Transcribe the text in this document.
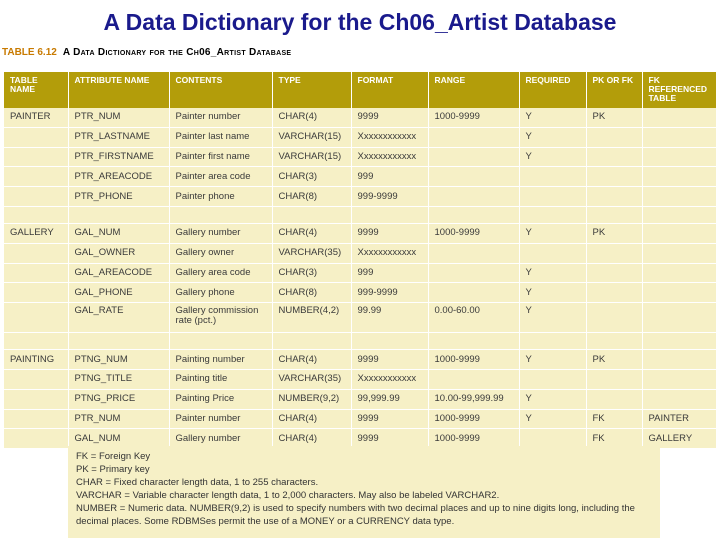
A Data Dictionary for the Ch06_Artist Database
TABLE 6.12 A Data Dictionary for the Ch06_Artist Database
TABLE NAME	ATTRIBUTE NAME	CONTENTS	TYPE	FORMAT	RANGE	REQUIRED	PK OR FK	FK REFERENCED TABLE
PAINTER	PTR_NUM	Painter number	CHAR(4)	9999	1000-9999	Y	PK	
	PTR_LASTNAME	Painter last name	VARCHAR(15)	Xxxxxxxxxxxx		Y		
	PTR_FIRSTNAME	Painter first name	VARCHAR(15)	Xxxxxxxxxxxx		Y		
	PTR_AREACODE	Painter area code	CHAR(3)	999				
	PTR_PHONE	Painter phone	CHAR(8)	999-9999				

GALLERY	GAL_NUM	Gallery number	CHAR(4)	9999	1000-9999	Y	PK	
	GAL_OWNER	Gallery owner	VARCHAR(35)	Xxxxxxxxxxxx				
	GAL_AREACODE	Gallery area code	CHAR(3)	999		Y		
	GAL_PHONE	Gallery phone	CHAR(8)	999-9999		Y		
	GAL_RATE	Gallery commission rate (pct.)	NUMBER(4,2)	99.99	0.00-60.00	Y		

PAINTING	PTNG_NUM	Painting number	CHAR(4)	9999	1000-9999	Y	PK	
	PTNG_TITLE	Painting title	VARCHAR(35)	Xxxxxxxxxxxx				
	PTNG_PRICE	Painting Price	NUMBER(9,2)	99,999.99	10.00-99,999.99	Y		
	PTR_NUM	Painter number	CHAR(4)	9999	1000-9999	Y	FK	PAINTER
	GAL_NUM	Gallery number	CHAR(4)	9999	1000-9999		FK	GALLERY
FK = Foreign Key
PK = Primary key
CHAR = Fixed character length data, 1 to 255 characters.
VARCHAR = Variable character length data, 1 to 2,000 characters. May also be labeled VARCHAR2.
NUMBER = Numeric data. NUMBER(9,2) is used to specify numbers with two decimal places and up to nine digits long, including the decimal places. Some RDBMSes permit the use of a MONEY or a CURRENCY data type.
